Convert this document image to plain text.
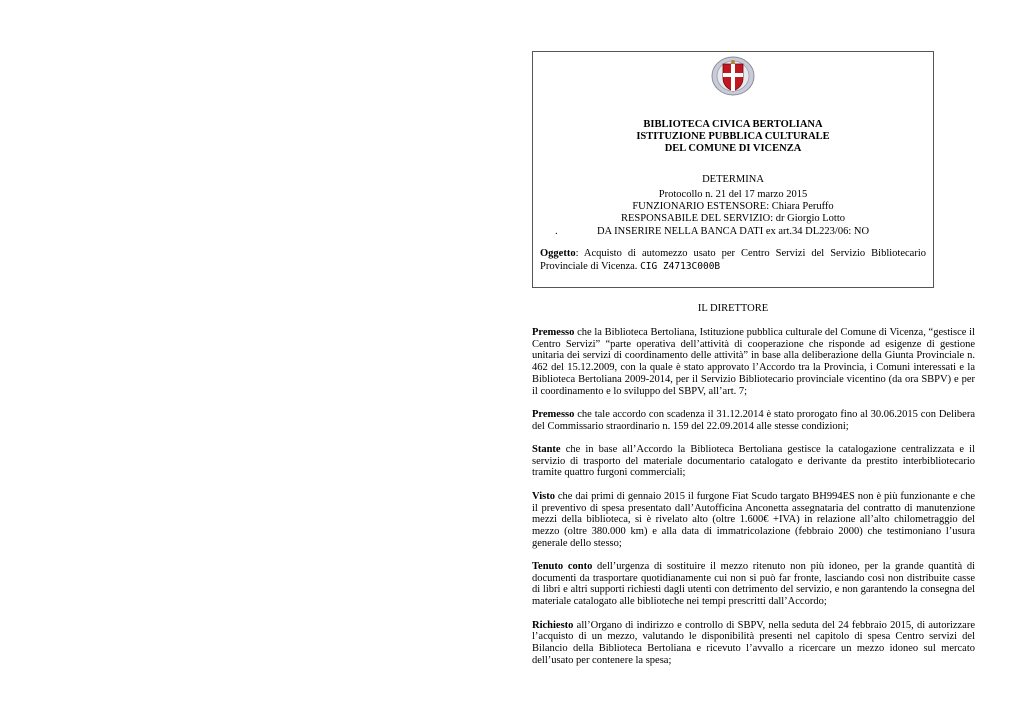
BIBLIOTECA CIVICA BERTOLIANA
ISTITUZIONE PUBBLICA CULTURALE
DEL COMUNE DI VICENZA
DETERMINA
Protocollo n. 21 del 17 marzo 2015
FUNZIONARIO ESTENSORE: Chiara Peruffo
RESPONSABILE DEL SERVIZIO: dr Giorgio Lotto
.	DA INSERIRE NELLA BANCA DATI ex art.34 DL223/06: NO
Oggetto: Acquisto di automezzo usato per Centro Servizi del Servizio Bibliotecario Provinciale di Vicenza. CIG Z4713C000B
IL DIRETTORE

Premesso che la Biblioteca Bertoliana, Istituzione pubblica culturale del Comune di Vicenza, “gestisce il Centro Servizi” “parte operativa dell’attività di cooperazione che risponde ad esigenze di gestione unitaria dei servizi di coordinamento delle attività” in base alla deliberazione della Giunta Provinciale n. 462 del 15.12.2009, con la quale è stato approvato l’Accordo tra la Provincia, i Comuni interessati e la Biblioteca Bertoliana 2009-2014, per il Servizio Bibliotecario provinciale vicentino (da ora SBPV) e per il coordinamento e lo sviluppo del SBPV, all’art. 7;

Premesso che tale accordo con scadenza il 31.12.2014 è stato prorogato fino al 30.06.2015 con Delibera del Commissario straordinario n. 159 del 22.09.2014 alle stesse condizioni;

Stante che in base all’Accordo la Biblioteca Bertoliana gestisce la catalogazione centralizzata e il servizio di trasporto del materiale documentario catalogato e derivante da prestito interbibliotecario tramite quattro furgoni commerciali;

Visto che dai primi di gennaio 2015 il furgone Fiat Scudo targato BH994ES non è più funzionante e che il preventivo di spesa presentato dall’Autofficina Anconetta assegnataria del contratto di manutenzione mezzi della biblioteca, si è rivelato alto (oltre 1.600€ +IVA) in relazione all’alto chilometraggio del mezzo (oltre 380.000 km) e alla data di immatricolazione (febbraio 2000) che testimoniano l’usura generale dello stesso;

Tenuto conto dell’urgenza di sostituire il mezzo ritenuto non più idoneo, per la grande quantità di documenti da trasportare quotidianamente cui non si può far fronte, lasciando così non distribuite casse di libri e altri supporti richiesti dagli utenti con detrimento del servizio, e non garantendo la consegna del materiale catalogato alle biblioteche nei tempi prescritti dall’Accordo;

Richiesto all’Organo di indirizzo e controllo di SBPV, nella seduta del 24 febbraio 2015, di autorizzare l’acquisto di un mezzo, valutando le disponibilità presenti nel capitolo di spesa Centro servizi del Bilancio della Biblioteca Bertoliana e ricevuto l’avvallo a ricercare un mezzo idoneo sul mercato dell’usato per contenere la spesa;
